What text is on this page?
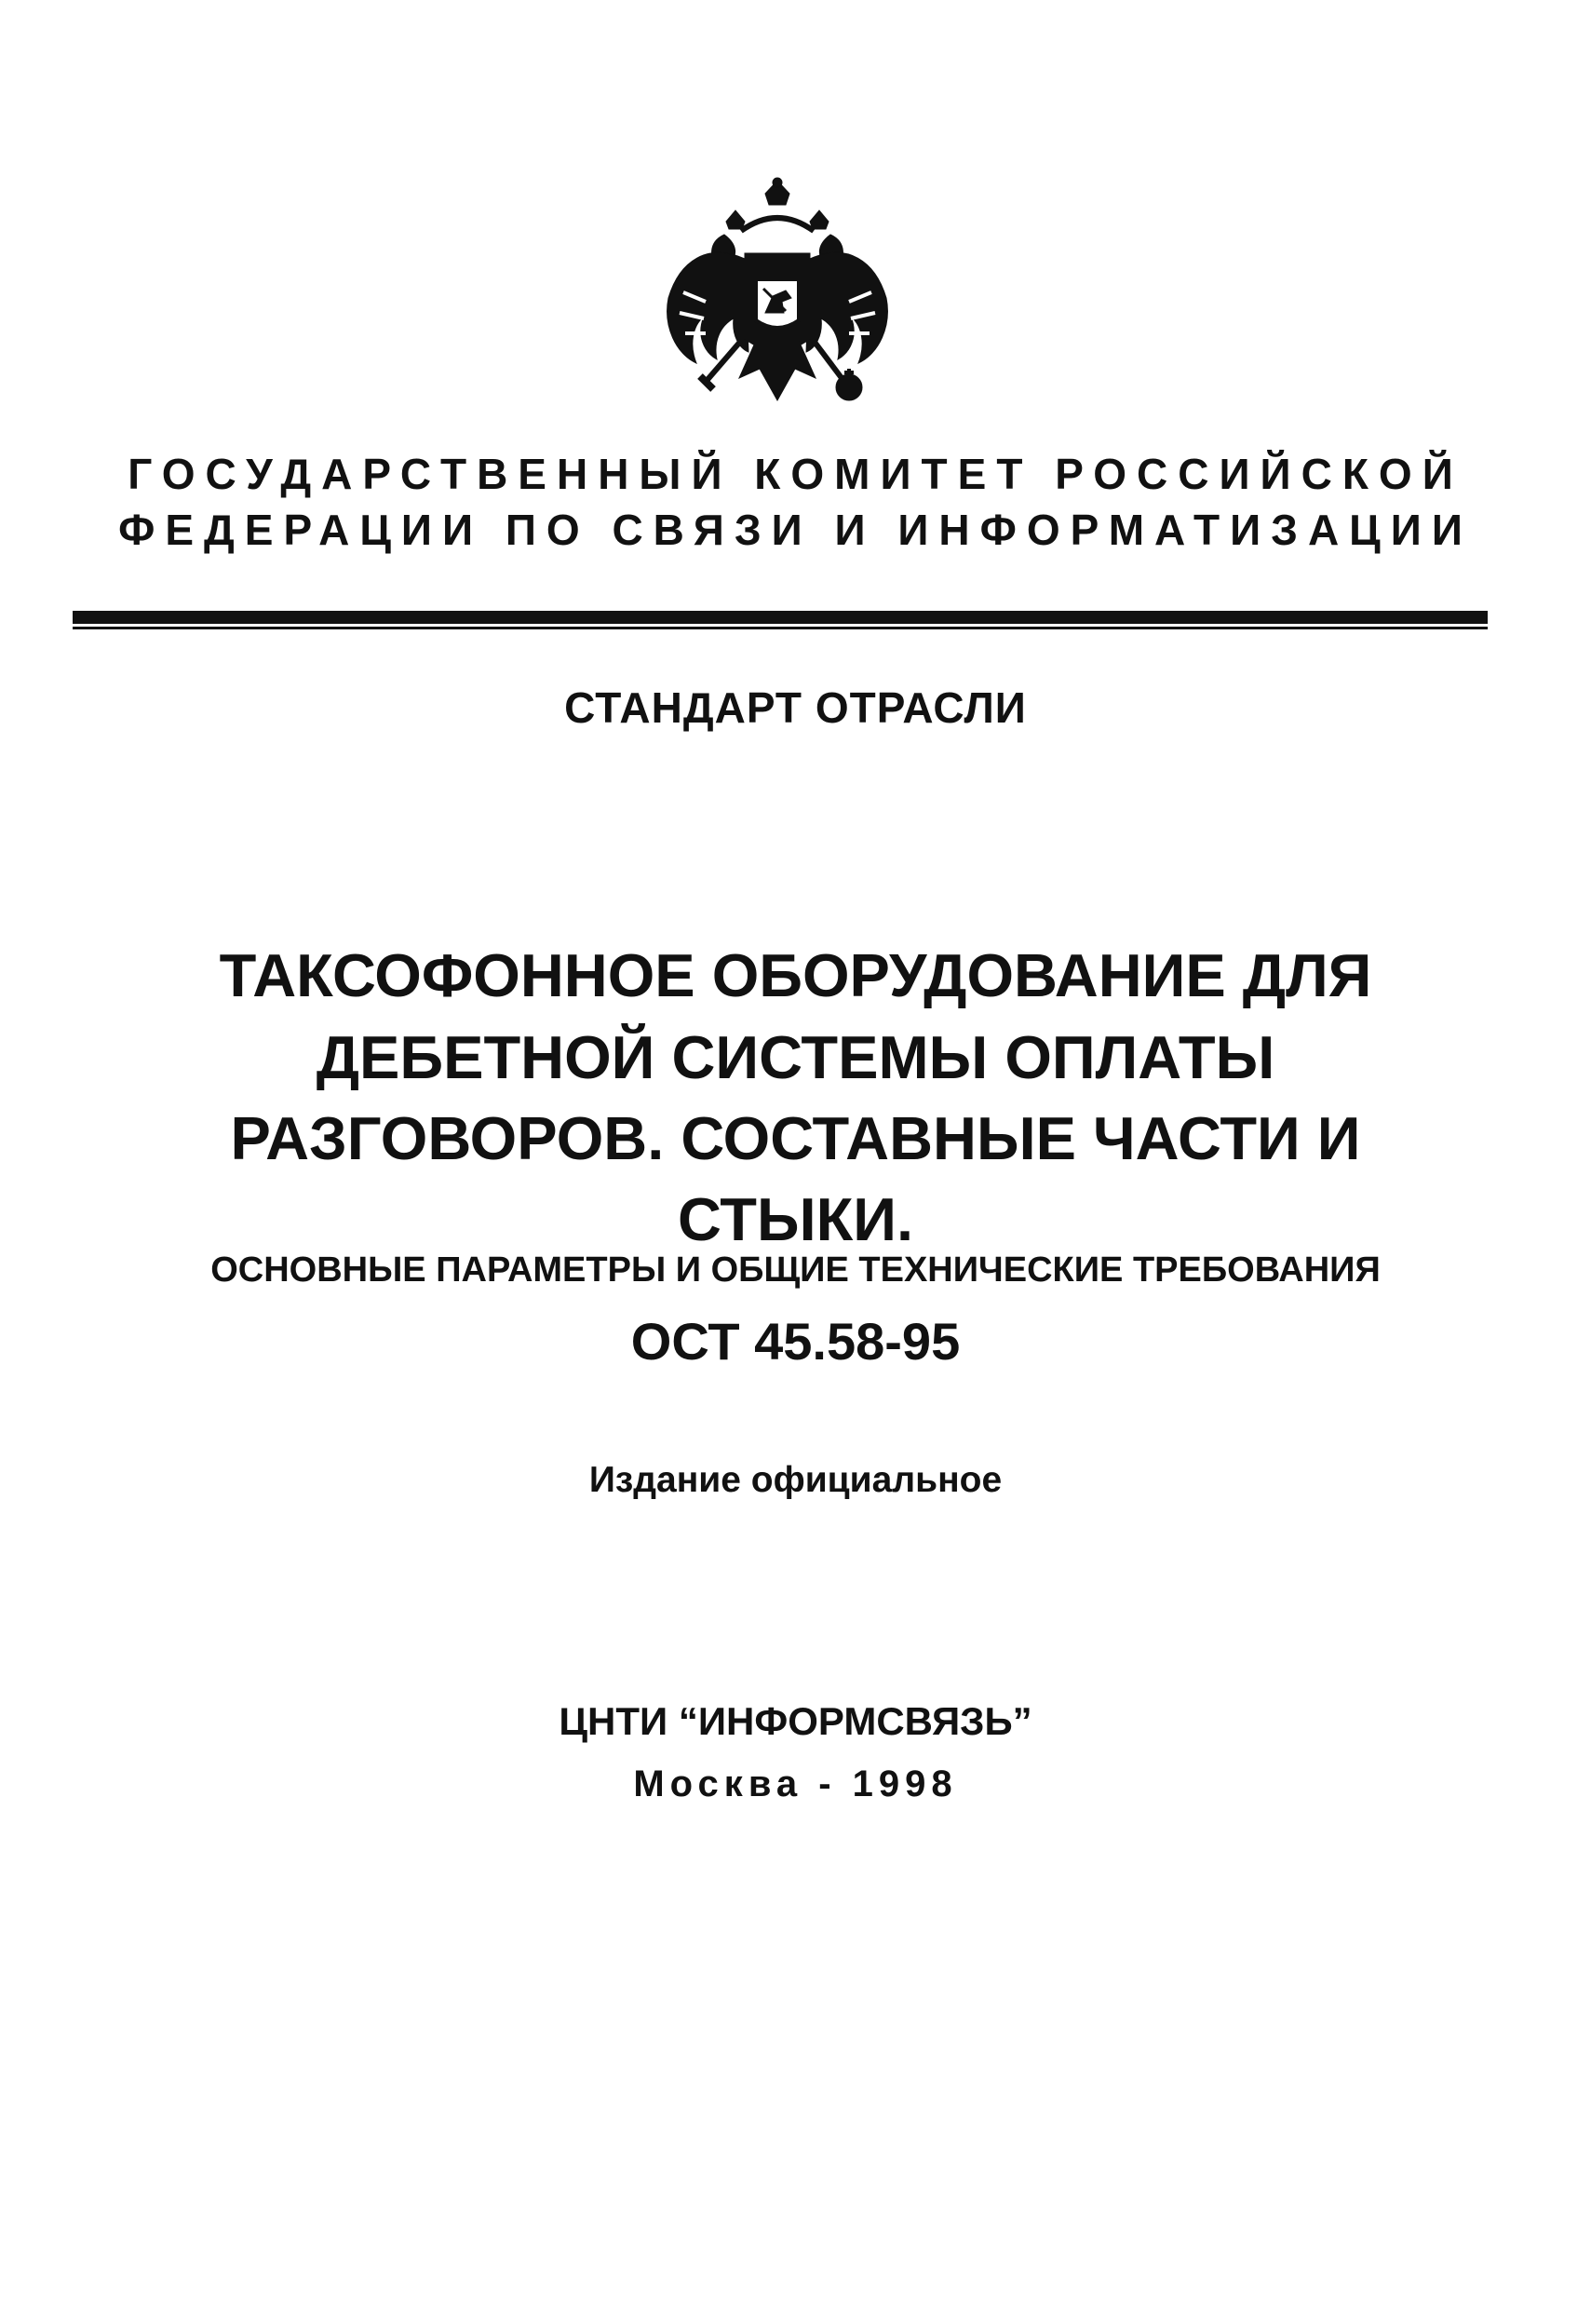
ГОСУДАРСТВЕННЫЙ КОМИТЕТ РОССИЙСКОЙ
ФЕДЕРАЦИИ ПО СВЯЗИ И ИНФОРМАТИЗАЦИИ
СТАНДАРТ ОТРАСЛИ
ТАКСОФОННОЕ ОБОРУДОВАНИЕ ДЛЯ
ДЕБЕТНОЙ СИСТЕМЫ ОПЛАТЫ
РАЗГОВОРОВ. СОСТАВНЫЕ ЧАСТИ И
СТЫКИ.
ОСНОВНЫЕ ПАРАМЕТРЫ И ОБЩИЕ ТЕХНИЧЕСКИЕ ТРЕБОВАНИЯ
ОСТ 45.58-95
Издание официальное
ЦНТИ “ИНФОРМСВЯЗЬ”
Москва - 1998
